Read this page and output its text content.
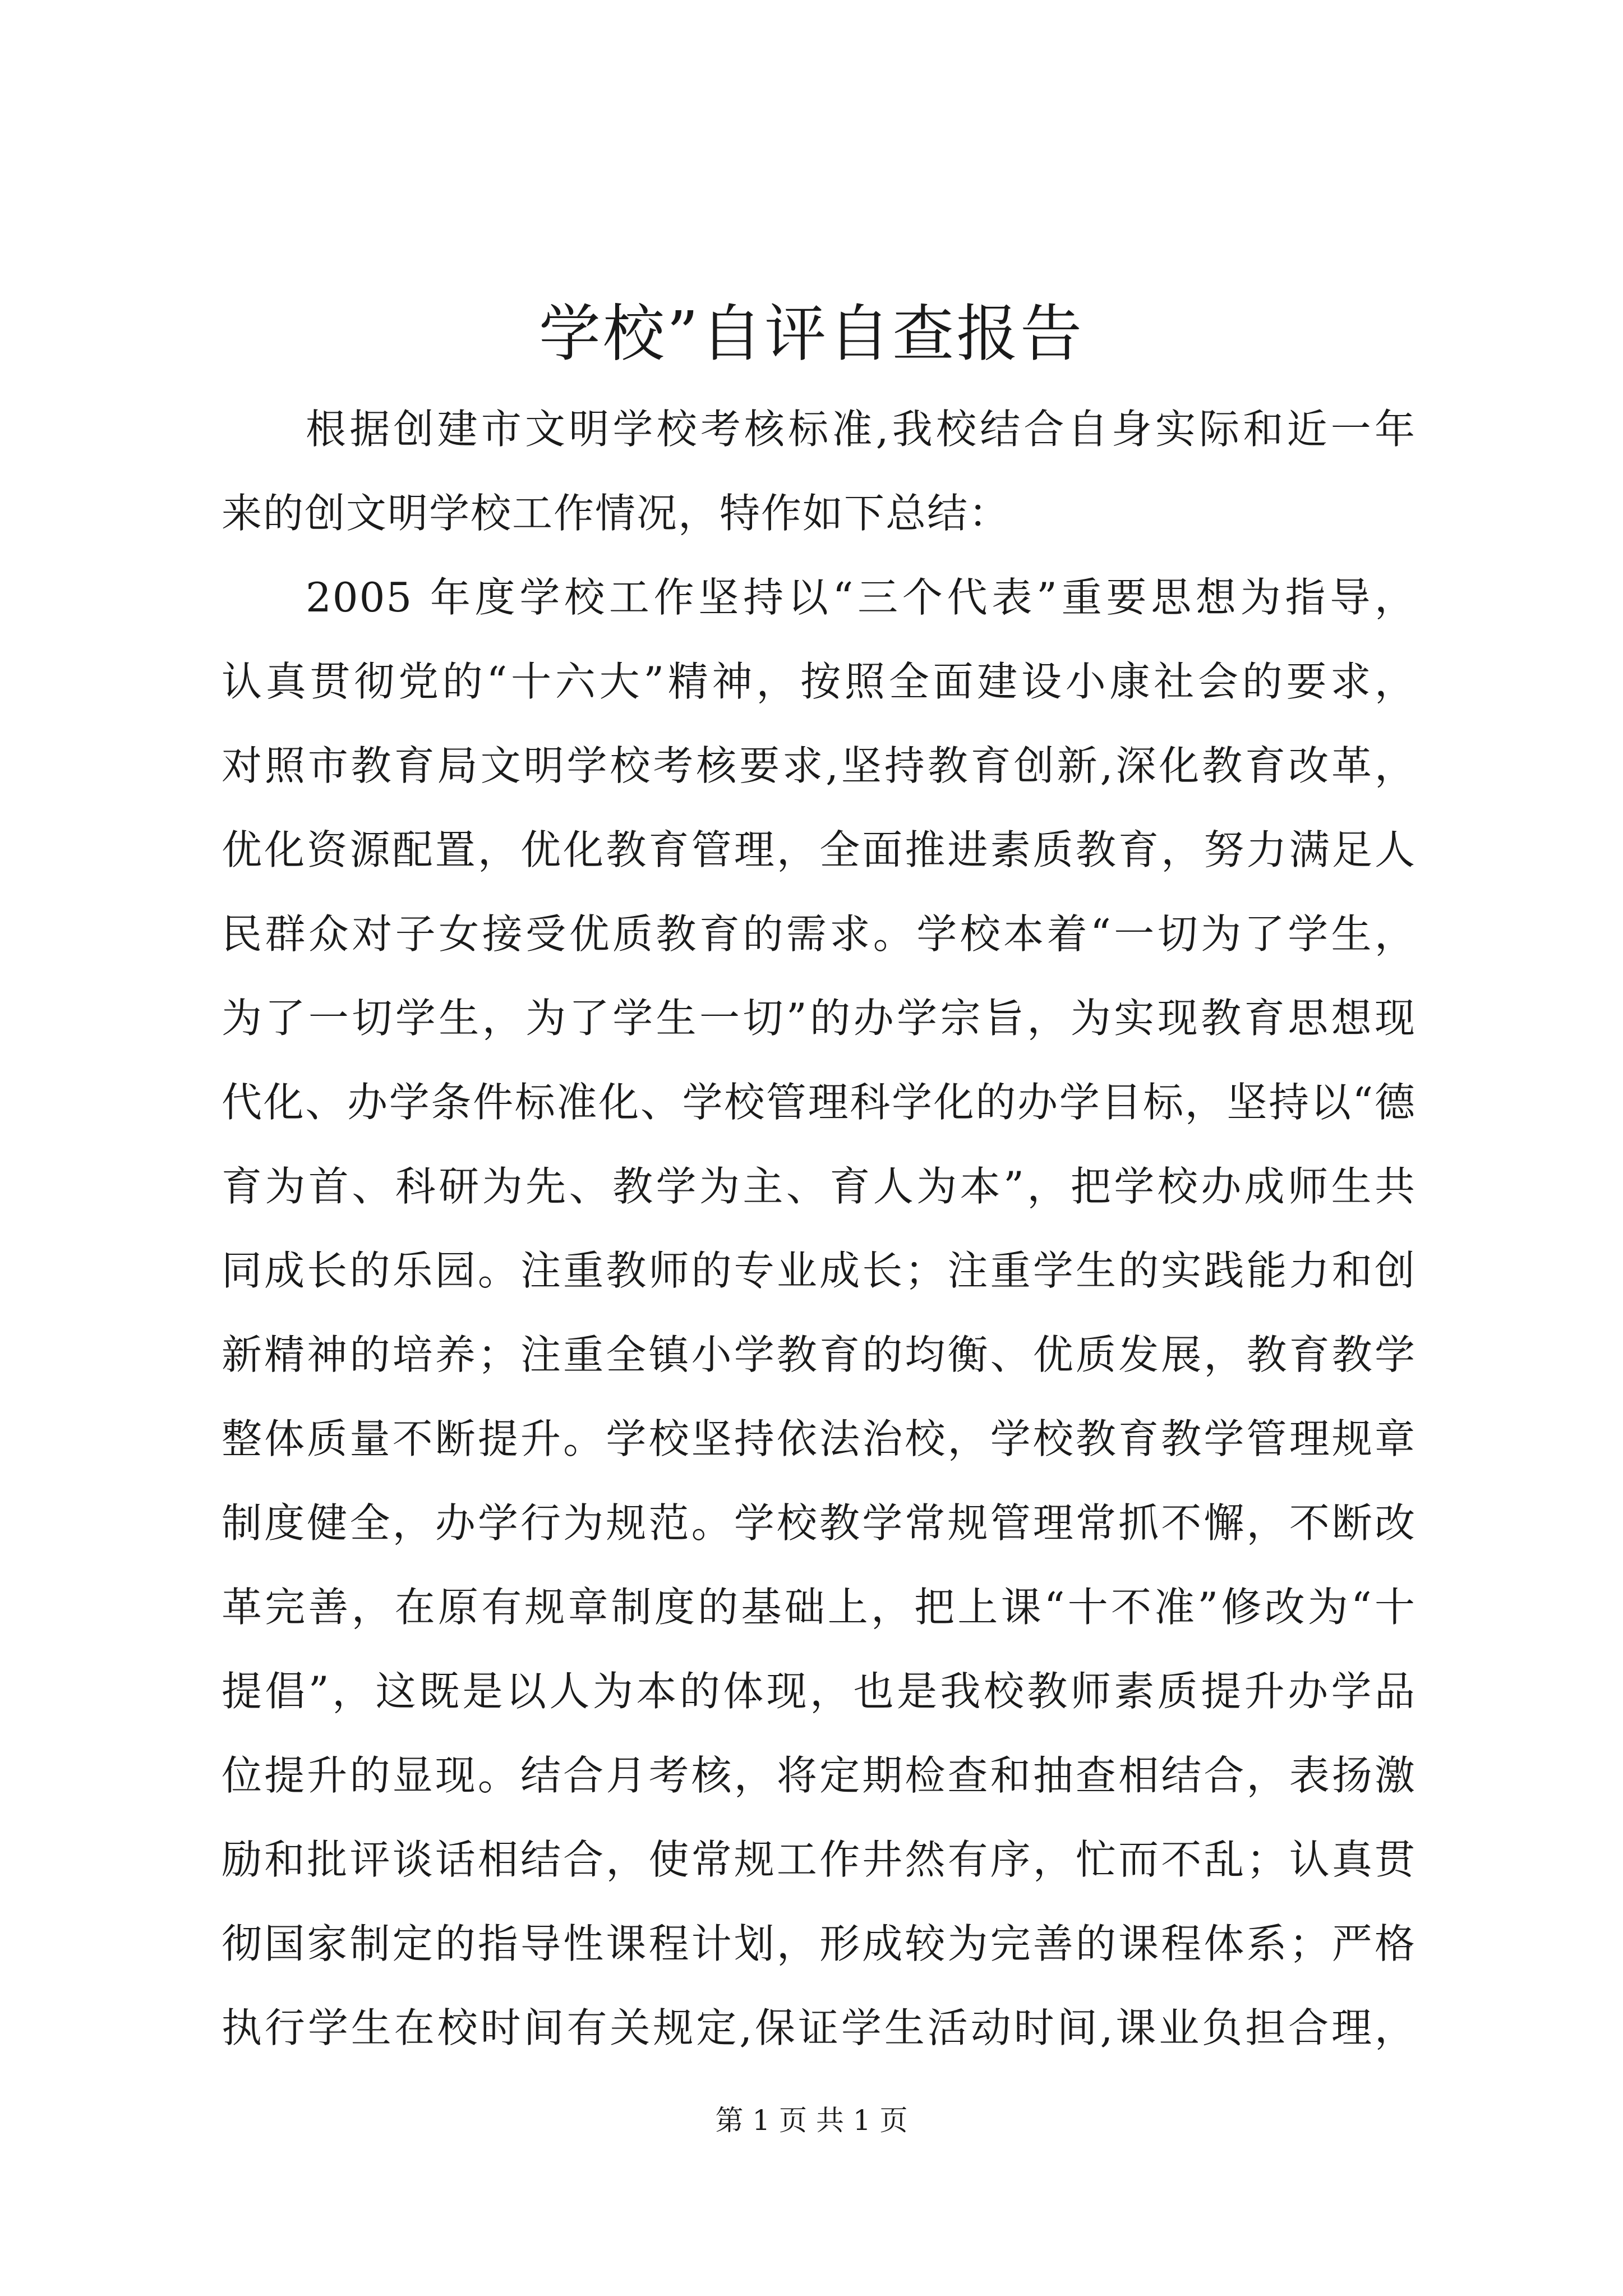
学校”自评自查报告
根据创建市文明学校考核标准,我校结合自身实际和近一年
来的创文明学校工作情况，特作如下总结：
2005 年度学校工作坚持以“三个代表”重要思想为指导，
认真贯彻党的“十六大”精神，按照全面建设小康社会的要求，
对照市教育局文明学校考核要求,坚持教育创新,深化教育改革，
优化资源配置，优化教育管理，全面推进素质教育，努力满足人
民群众对子女接受优质教育的需求。学校本着“一切为了学生，
为了一切学生，为了学生一切”的办学宗旨，为实现教育思想现
代化、办学条件标准化、学校管理科学化的办学目标，坚持以“德
育为首、科研为先、教学为主、育人为本”，把学校办成师生共
同成长的乐园。注重教师的专业成长；注重学生的实践能力和创
新精神的培养；注重全镇小学教育的均衡、优质发展，教育教学
整体质量不断提升。学校坚持依法治校，学校教育教学管理规章
制度健全，办学行为规范。学校教学常规管理常抓不懈，不断改
革完善，在原有规章制度的基础上，把上课“十不准”修改为“十
提倡”，这既是以人为本的体现，也是我校教师素质提升办学品
位提升的显现。结合月考核，将定期检查和抽查相结合，表扬激
励和批评谈话相结合，使常规工作井然有序，忙而不乱；认真贯
彻国家制定的指导性课程计划，形成较为完善的课程体系；严格
执行学生在校时间有关规定,保证学生活动时间,课业负担合理，
第 1 页 共 1 页
